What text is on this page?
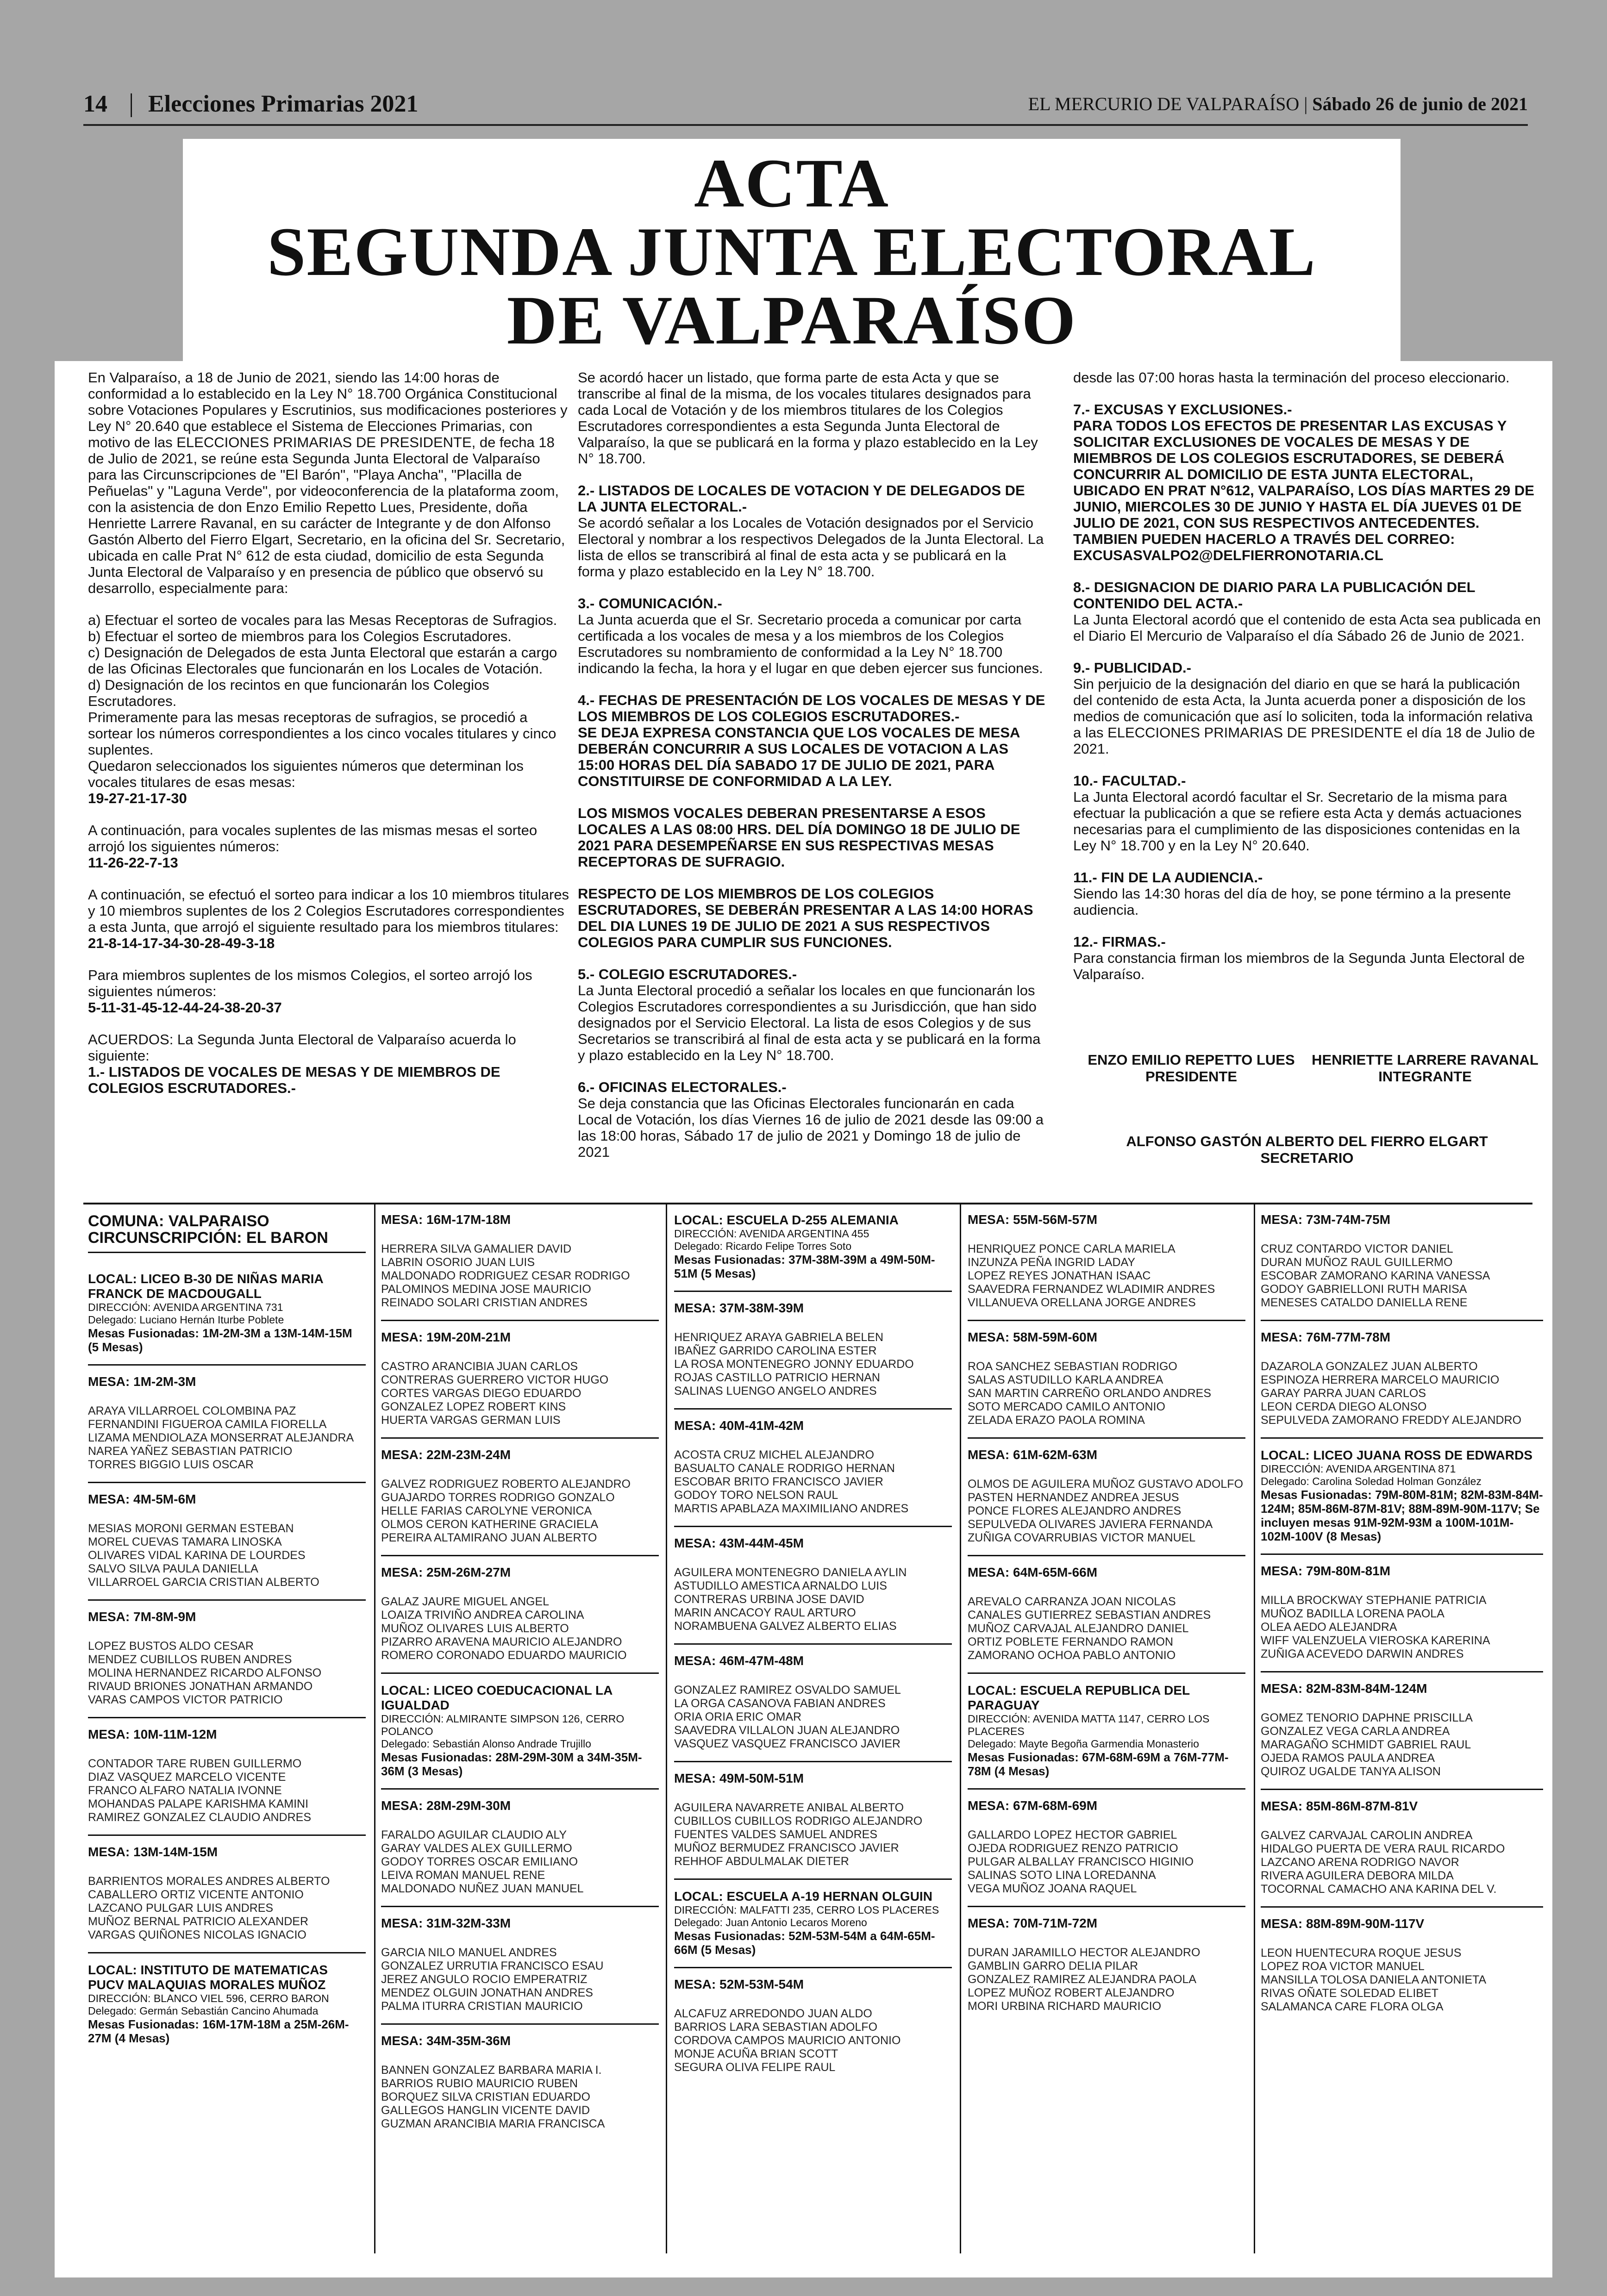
14 | Elecciones Primarias 2021	EL MERCURIO DE VALPARAÍSO | Sábado 26 de junio de 2021
ACTA
SEGUNDA JUNTA ELECTORAL
DE VALPARAÍSO

En Valparaíso, a 18 de Junio de 2021, siendo las 14:00 horas de conformidad a lo establecido en la Ley N° 18.700 Orgánica Constitucional sobre Votaciones Populares y Escrutinios, sus modificaciones posteriores y Ley N° 20.640 que establece el Sistema de Elecciones Primarias, con motivo de las ELECCIONES PRIMARIAS DE PRESIDENTE, de fecha 18 de Julio de 2021, se reúne esta Segunda Junta Electoral de Valparaíso para las Circunscripciones de "El Barón", "Playa Ancha", "Placilla de Peñuelas" y "Laguna Verde", por videoconferencia de la plataforma zoom, con la asistencia de don Enzo Emilio Repetto Lues, Presidente, doña Henriette Larrere Ravanal, en su carácter de Integrante y de don Alfonso Gastón Alberto del Fierro Elgart, Secretario, en la oficina del Sr. Secretario, ubicada en calle Prat N° 612 de esta ciudad, domicilio de esta Segunda Junta Electoral de Valparaíso y en presencia de público que observó su desarrollo, especialmente para:

a) Efectuar el sorteo de vocales para las Mesas Receptoras de Sufragios.
b) Efectuar el sorteo de miembros para los Colegios Escrutadores.
c) Designación de Delegados de esta Junta Electoral que estarán a cargo de las Oficinas Electorales que funcionarán en los Locales de Votación.
d) Designación de los recintos en que funcionarán los Colegios Escrutadores.
Primeramente para las mesas receptoras de sufragios, se procedió a sortear los números correspondientes a los cinco vocales titulares y cinco suplentes.
Quedaron seleccionados los siguientes números que determinan los vocales titulares de esas mesas:

19-27-21-17-30

A continuación, para vocales suplentes de las mismas mesas el sorteo arrojó los siguientes números:

11-26-22-7-13

A continuación, se efectuó el sorteo para indicar a los 10 miembros titulares y 10 miembros suplentes de los 2 Colegios Escrutadores correspondientes a esta Junta, que arrojó el siguiente resultado para los miembros titulares:

21-8-14-17-34-30-28-49-3-18

Para miembros suplentes de los mismos Colegios, el sorteo arrojó los siguientes números:

5-11-31-45-12-44-24-38-20-37

ACUERDOS: La Segunda Junta Electoral de Valparaíso acuerda lo siguiente:
1.- LISTADOS DE VOCALES DE MESAS Y DE MIEMBROS DE COLEGIOS ESCRUTADORES.-

Se acordó hacer un listado, que forma parte de esta Acta y que se transcribe al final de la misma, de los vocales titulares designados para cada Local de Votación y de los miembros titulares de los Colegios Escrutadores correspondientes a esta Segunda Junta Electoral de Valparaíso, la que se publicará en la forma y plazo establecido en la Ley N° 18.700.

2.- LISTADOS DE LOCALES DE VOTACION Y DE DELEGADOS DE LA JUNTA ELECTORAL.-

Se acordó señalar a los Locales de Votación designados por el Servicio Electoral y nombrar a los respectivos Delegados de la Junta Electoral. La lista de ellos se transcribirá al final de esta acta y se publicará en la forma y plazo establecido en la Ley N° 18.700.

3.- COMUNICACIÓN.-

La Junta acuerda que el Sr. Secretario proceda a comunicar por carta certificada a los vocales de mesa y a los miembros de los Colegios Escrutadores su nombramiento de conformidad a la Ley N° 18.700 indicando la fecha, la hora y el lugar en que deben ejercer sus funciones.

4.- FECHAS DE PRESENTACIÓN DE LOS VOCALES DE MESAS Y DE LOS MIEMBROS DE LOS COLEGIOS ESCRUTADORES.-

SE DEJA EXPRESA CONSTANCIA QUE LOS VOCALES DE MESA DEBERÁN CONCURRIR A SUS LOCALES DE VOTACION A LAS 15:00 HORAS DEL DÍA SABADO 17 DE JULIO DE 2021, PARA CONSTITUIRSE DE CONFORMIDAD A LA LEY.

LOS MISMOS VOCALES DEBERAN PRESENTARSE A ESOS LOCALES A LAS 08:00 HRS. DEL DÍA DOMINGO 18 DE JULIO DE 2021 PARA DESEMPEÑARSE EN SUS RESPECTIVAS MESAS RECEPTORAS DE SUFRAGIO.

RESPECTO DE LOS MIEMBROS DE LOS COLEGIOS ESCRUTADORES, SE DEBERÁN PRESENTAR A LAS 14:00 HORAS DEL DIA LUNES 19 DE JULIO DE 2021 A SUS RESPECTIVOS COLEGIOS PARA CUMPLIR SUS FUNCIONES.

5.- COLEGIO ESCRUTADORES.-

La Junta Electoral procedió a señalar los locales en que funcionarán los Colegios Escrutadores correspondientes a su Jurisdicción, que han sido designados por el Servicio Electoral. La lista de esos Colegios y de sus Secretarios se transcribirá al final de esta acta y se publicará en la forma y plazo establecido en la Ley N° 18.700.

6.- OFICINAS ELECTORALES.-
Se deja constancia que las Oficinas Electorales funcionarán en cada Local de Votación, los días Viernes 16 de julio de 2021 desde las 09:00 a las 18:00 horas, Sábado 17 de julio de 2021 y Domingo 18 de julio de 2021

desde las 07:00 horas hasta la terminación del proceso eleccionario.

7.- EXCUSAS Y EXCLUSIONES.-

PARA TODOS LOS EFECTOS DE PRESENTAR LAS EXCUSAS Y SOLICITAR EXCLUSIONES DE VOCALES DE MESAS Y DE MIEMBROS DE LOS COLEGIOS ESCRUTADORES, SE DEBERÁ CONCURRIR AL DOMICILIO DE ESTA JUNTA ELECTORAL, UBICADO EN PRAT N°612, VALPARAÍSO, LOS DÍAS MARTES 29 DE JUNIO, MIERCOLES 30 DE JUNIO Y HASTA EL DÍA JUEVES 01 DE JULIO DE 2021, CON SUS RESPECTIVOS ANTECEDENTES. TAMBIEN PUEDEN HACERLO A TRAVÉS DEL CORREO: EXCUSASVALPO2@DELFIERRONOTARIA.CL

8.- DESIGNACION DE DIARIO PARA LA PUBLICACIÓN DEL CONTENIDO DEL ACTA.-

La Junta Electoral acordó que el contenido de esta Acta sea publicada en el Diario El Mercurio de Valparaíso el día Sábado 26 de Junio de 2021.

9.- PUBLICIDAD.-

Sin perjuicio de la designación del diario en que se hará la publicación del contenido de esta Acta, la Junta acuerda poner a disposición de los medios de comunicación que así lo soliciten, toda la información relativa a las ELECCIONES PRIMARIAS DE PRESIDENTE el día 18 de Julio de 2021.

10.- FACULTAD.-

La Junta Electoral acordó facultar el Sr. Secretario de la misma para efectuar la publicación a que se refiere esta Acta y demás actuaciones necesarias para el cumplimiento de las disposiciones contenidas en la Ley N° 18.700 y en la Ley N° 20.640.

11.- FIN DE LA AUDIENCIA.-

Siendo las 14:30 horas del día de hoy, se pone término a la presente audiencia.

12.- FIRMAS.-

Para constancia firman los miembros de la Segunda Junta Electoral de Valparaíso.

ENZO EMILIO REPETTO LUES
PRESIDENTE
HENRIETTE LARRERE RAVANAL
INTEGRANTE
ALFONSO GASTÓN ALBERTO DEL FIERRO ELGART
SECRETARIO
COMUNA: VALPARAISO
CIRCUNSCRIPCIÓN: EL BARON
LOCAL: LICEO B-30 DE NIÑAS MARIA FRANCK DE MACDOUGALL
DIRECCIÓN: AVENIDA ARGENTINA 731
Delegado: Luciano Hernán Iturbe Poblete
Mesas Fusionadas: 1M-2M-3M a 13M-14M-15M (5 Mesas)
MESA: 1M-2M-3M
ARAYA VILLARROEL COLOMBINA PAZ
FERNANDINI FIGUEROA CAMILA FIORELLA
LIZAMA MENDIOLAZA MONSERRAT ALEJANDRA
NAREA YAÑEZ SEBASTIAN PATRICIO
TORRES BIGGIO LUIS OSCAR
MESA: 4M-5M-6M
MESIAS MORONI GERMAN ESTEBAN
MOREL CUEVAS TAMARA LINOSKA
OLIVARES VIDAL KARINA DE LOURDES
SALVO SILVA PAULA DANIELLA
VILLARROEL GARCIA CRISTIAN ALBERTO
MESA: 7M-8M-9M
LOPEZ BUSTOS ALDO CESAR
MENDEZ CUBILLOS RUBEN ANDRES
MOLINA HERNANDEZ RICARDO ALFONSO
RIVAUD BRIONES JONATHAN ARMANDO
VARAS CAMPOS VICTOR PATRICIO
MESA: 10M-11M-12M
CONTADOR TARE RUBEN GUILLERMO
DIAZ VASQUEZ MARCELO VICENTE
FRANCO ALFARO NATALIA IVONNE
MOHANDAS PALAPE KARISHMA KAMINI
RAMIREZ GONZALEZ CLAUDIO ANDRES
MESA: 13M-14M-15M
BARRIENTOS MORALES ANDRES ALBERTO
CABALLERO ORTIZ VICENTE ANTONIO
LAZCANO PULGAR LUIS ANDRES
MUÑOZ BERNAL PATRICIO ALEXANDER
VARGAS QUIÑONES NICOLAS IGNACIO
LOCAL: INSTITUTO DE MATEMATICAS PUCV MALAQUIAS MORALES MUÑOZ
DIRECCIÓN: BLANCO VIEL 596, CERRO BARON
Delegado: Germán Sebastián Cancino Ahumada
Mesas Fusionadas: 16M-17M-18M a 25M-26M-27M (4 Mesas)
MESA: 16M-17M-18M
HERRERA SILVA GAMALIER DAVID
LABRIN OSORIO JUAN LUIS
MALDONADO RODRIGUEZ CESAR RODRIGO
PALOMINOS MEDINA JOSE MAURICIO
REINADO SOLARI CRISTIAN ANDRES
MESA: 19M-20M-21M
CASTRO ARANCIBIA JUAN CARLOS
CONTRERAS GUERRERO VICTOR HUGO
CORTES VARGAS DIEGO EDUARDO
GONZALEZ LOPEZ ROBERT KINS
HUERTA VARGAS GERMAN LUIS
MESA: 22M-23M-24M
GALVEZ RODRIGUEZ ROBERTO ALEJANDRO
GUAJARDO TORRES RODRIGO GONZALO
HELLE FARIAS CAROLYNE VERONICA
OLMOS CERON KATHERINE GRACIELA
PEREIRA ALTAMIRANO JUAN ALBERTO
MESA: 25M-26M-27M
GALAZ JAURE MIGUEL ANGEL
LOAIZA TRIVIÑO ANDREA CAROLINA
MUÑOZ OLIVARES LUIS ALBERTO
PIZARRO ARAVENA MAURICIO ALEJANDRO
ROMERO CORONADO EDUARDO MAURICIO
LOCAL: LICEO COEDUCACIONAL LA IGUALDAD
DIRECCIÓN: ALMIRANTE SIMPSON 126, CERRO POLANCO
Delegado: Sebastián Alonso Andrade Trujillo
Mesas Fusionadas: 28M-29M-30M a 34M-35M-36M (3 Mesas)
MESA: 28M-29M-30M
FARALDO AGUILAR CLAUDIO ALY
GARAY VALDES ALEX GUILLERMO
GODOY TORRES OSCAR EMILIANO
LEIVA ROMAN MANUEL RENE
MALDONADO NUÑEZ JUAN MANUEL
MESA: 31M-32M-33M
GARCIA NILO MANUEL ANDRES
GONZALEZ URRUTIA FRANCISCO ESAU
JEREZ ANGULO ROCIO EMPERATRIZ
MENDEZ OLGUIN JONATHAN ANDRES
PALMA ITURRA CRISTIAN MAURICIO
MESA: 34M-35M-36M
BANNEN GONZALEZ BARBARA MARIA I.
BARRIOS RUBIO MAURICIO RUBEN
BORQUEZ SILVA CRISTIAN EDUARDO
GALLEGOS HANGLIN VICENTE DAVID
GUZMAN ARANCIBIA MARIA FRANCISCA
LOCAL: ESCUELA D-255 ALEMANIA
DIRECCIÓN: AVENIDA ARGENTINA 455
Delegado: Ricardo Felipe Torres Soto
Mesas Fusionadas: 37M-38M-39M a 49M-50M-51M (5 Mesas)
MESA: 37M-38M-39M
HENRIQUEZ ARAYA GABRIELA BELEN
IBAÑEZ GARRIDO CAROLINA ESTER
LA ROSA MONTENEGRO JONNY EDUARDO
ROJAS CASTILLO PATRICIO HERNAN
SALINAS LUENGO ANGELO ANDRES
MESA: 40M-41M-42M
ACOSTA CRUZ MICHEL ALEJANDRO
BASUALTO CANALE RODRIGO HERNAN
ESCOBAR BRITO FRANCISCO JAVIER
GODOY TORO NELSON RAUL
MARTIS APABLAZA MAXIMILIANO ANDRES
MESA: 43M-44M-45M
AGUILERA MONTENEGRO DANIELA AYLIN
ASTUDILLO AMESTICA ARNALDO LUIS
CONTRERAS URBINA JOSE DAVID
MARIN ANCACOY RAUL ARTURO
NORAMBUENA GALVEZ ALBERTO ELIAS
MESA: 46M-47M-48M
GONZALEZ RAMIREZ OSVALDO SAMUEL
LA ORGA CASANOVA FABIAN ANDRES
ORIA ORIA ERIC OMAR
SAAVEDRA VILLALON JUAN ALEJANDRO
VASQUEZ VASQUEZ FRANCISCO JAVIER
MESA: 49M-50M-51M
AGUILERA NAVARRETE ANIBAL ALBERTO
CUBILLOS CUBILLOS RODRIGO ALEJANDRO
FUENTES VALDES SAMUEL ANDRES
MUÑOZ BERMUDEZ FRANCISCO JAVIER
REHHOF ABDULMALAK DIETER
LOCAL: ESCUELA A-19 HERNAN OLGUIN
DIRECCIÓN: MALFATTI 235, CERRO LOS PLACERES
Delegado: Juan Antonio Lecaros Moreno
Mesas Fusionadas: 52M-53M-54M a 64M-65M-66M (5 Mesas)
MESA: 52M-53M-54M
ALCAFUZ ARREDONDO JUAN ALDO
BARRIOS LARA SEBASTIAN ADOLFO
CORDOVA CAMPOS MAURICIO ANTONIO
MONJE ACUÑA BRIAN SCOTT
SEGURA OLIVA FELIPE RAUL
MESA: 55M-56M-57M
HENRIQUEZ PONCE CARLA MARIELA
INZUNZA PEÑA INGRID LADAY
LOPEZ REYES JONATHAN ISAAC
SAAVEDRA FERNANDEZ WLADIMIR ANDRES
VILLANUEVA ORELLANA JORGE ANDRES
MESA: 58M-59M-60M
ROA SANCHEZ SEBASTIAN RODRIGO
SALAS ASTUDILLO KARLA ANDREA
SAN MARTIN CARREÑO ORLANDO ANDRES
SOTO MERCADO CAMILO ANTONIO
ZELADA ERAZO PAOLA ROMINA
MESA: 61M-62M-63M
OLMOS DE AGUILERA MUÑOZ GUSTAVO ADOLFO
PASTEN HERNANDEZ ANDREA JESUS
PONCE FLORES ALEJANDRO ANDRES
SEPULVEDA OLIVARES JAVIERA FERNANDA
ZUÑIGA COVARRUBIAS VICTOR MANUEL
MESA: 64M-65M-66M
AREVALO CARRANZA JOAN NICOLAS
CANALES GUTIERREZ SEBASTIAN ANDRES
MUÑOZ CARVAJAL ALEJANDRO DANIEL
ORTIZ POBLETE FERNANDO RAMON
ZAMORANO OCHOA PABLO ANTONIO
LOCAL: ESCUELA REPUBLICA DEL PARAGUAY
DIRECCIÓN: AVENIDA MATTA 1147, CERRO LOS PLACERES
Delegado: Mayte Begoña Garmendia Monasterio
Mesas Fusionadas: 67M-68M-69M a 76M-77M-78M (4 Mesas)
MESA: 67M-68M-69M
GALLARDO LOPEZ HECTOR GABRIEL
OJEDA RODRIGUEZ RENZO PATRICIO
PULGAR ALBALLAY FRANCISCO HIGINIO
SALINAS SOTO LINA LOREDANNA
VEGA MUÑOZ JOANA RAQUEL
MESA: 70M-71M-72M
DURAN JARAMILLO HECTOR ALEJANDRO
GAMBLIN GARRO DELIA PILAR
GONZALEZ RAMIREZ ALEJANDRA PAOLA
LOPEZ MUÑOZ ROBERT ALEJANDRO
MORI URBINA RICHARD MAURICIO
MESA: 73M-74M-75M
CRUZ CONTARDO VICTOR DANIEL
DURAN MUÑOZ RAUL GUILLERMO
ESCOBAR ZAMORANO KARINA VANESSA
GODOY GABRIELLONI RUTH MARISA
MENESES CATALDO DANIELLA RENE
MESA: 76M-77M-78M
DAZAROLA GONZALEZ JUAN ALBERTO
ESPINOZA HERRERA MARCELO MAURICIO
GARAY PARRA JUAN CARLOS
LEON CERDA DIEGO ALONSO
SEPULVEDA ZAMORANO FREDDY ALEJANDRO
LOCAL: LICEO JUANA ROSS DE EDWARDS
DIRECCIÓN: AVENIDA ARGENTINA 871
Delegado: Carolina Soledad Holman González
Mesas Fusionadas: 79M-80M-81M; 82M-83M-84M-124M; 85M-86M-87M-81V; 88M-89M-90M-117V; Se incluyen mesas 91M-92M-93M a 100M-101M-102M-100V (8 Mesas)
MESA: 79M-80M-81M
MILLA BROCKWAY STEPHANIE PATRICIA
MUÑOZ BADILLA LORENA PAOLA
OLEA AEDO ALEJANDRA
WIFF VALENZUELA VIEROSKA KARERINA
ZUÑIGA ACEVEDO DARWIN ANDRES
MESA: 82M-83M-84M-124M
GOMEZ TENORIO DAPHNE PRISCILLA
GONZALEZ VEGA CARLA ANDREA
MARAGAÑO SCHMIDT GABRIEL RAUL
OJEDA RAMOS PAULA ANDREA
QUIROZ UGALDE TANYA ALISON
MESA: 85M-86M-87M-81V
GALVEZ CARVAJAL CAROLIN ANDREA
HIDALGO PUERTA DE VERA RAUL RICARDO
LAZCANO ARENA RODRIGO NAVOR
RIVERA AGUILERA DEBORA MILDA
TOCORNAL CAMACHO ANA KARINA DEL V.
MESA: 88M-89M-90M-117V
LEON HUENTECURA ROQUE JESUS
LOPEZ ROA VICTOR MANUEL
MANSILLA TOLOSA DANIELA ANTONIETA
RIVAS OÑATE SOLEDAD ELIBET
SALAMANCA CARE FLORA OLGA
